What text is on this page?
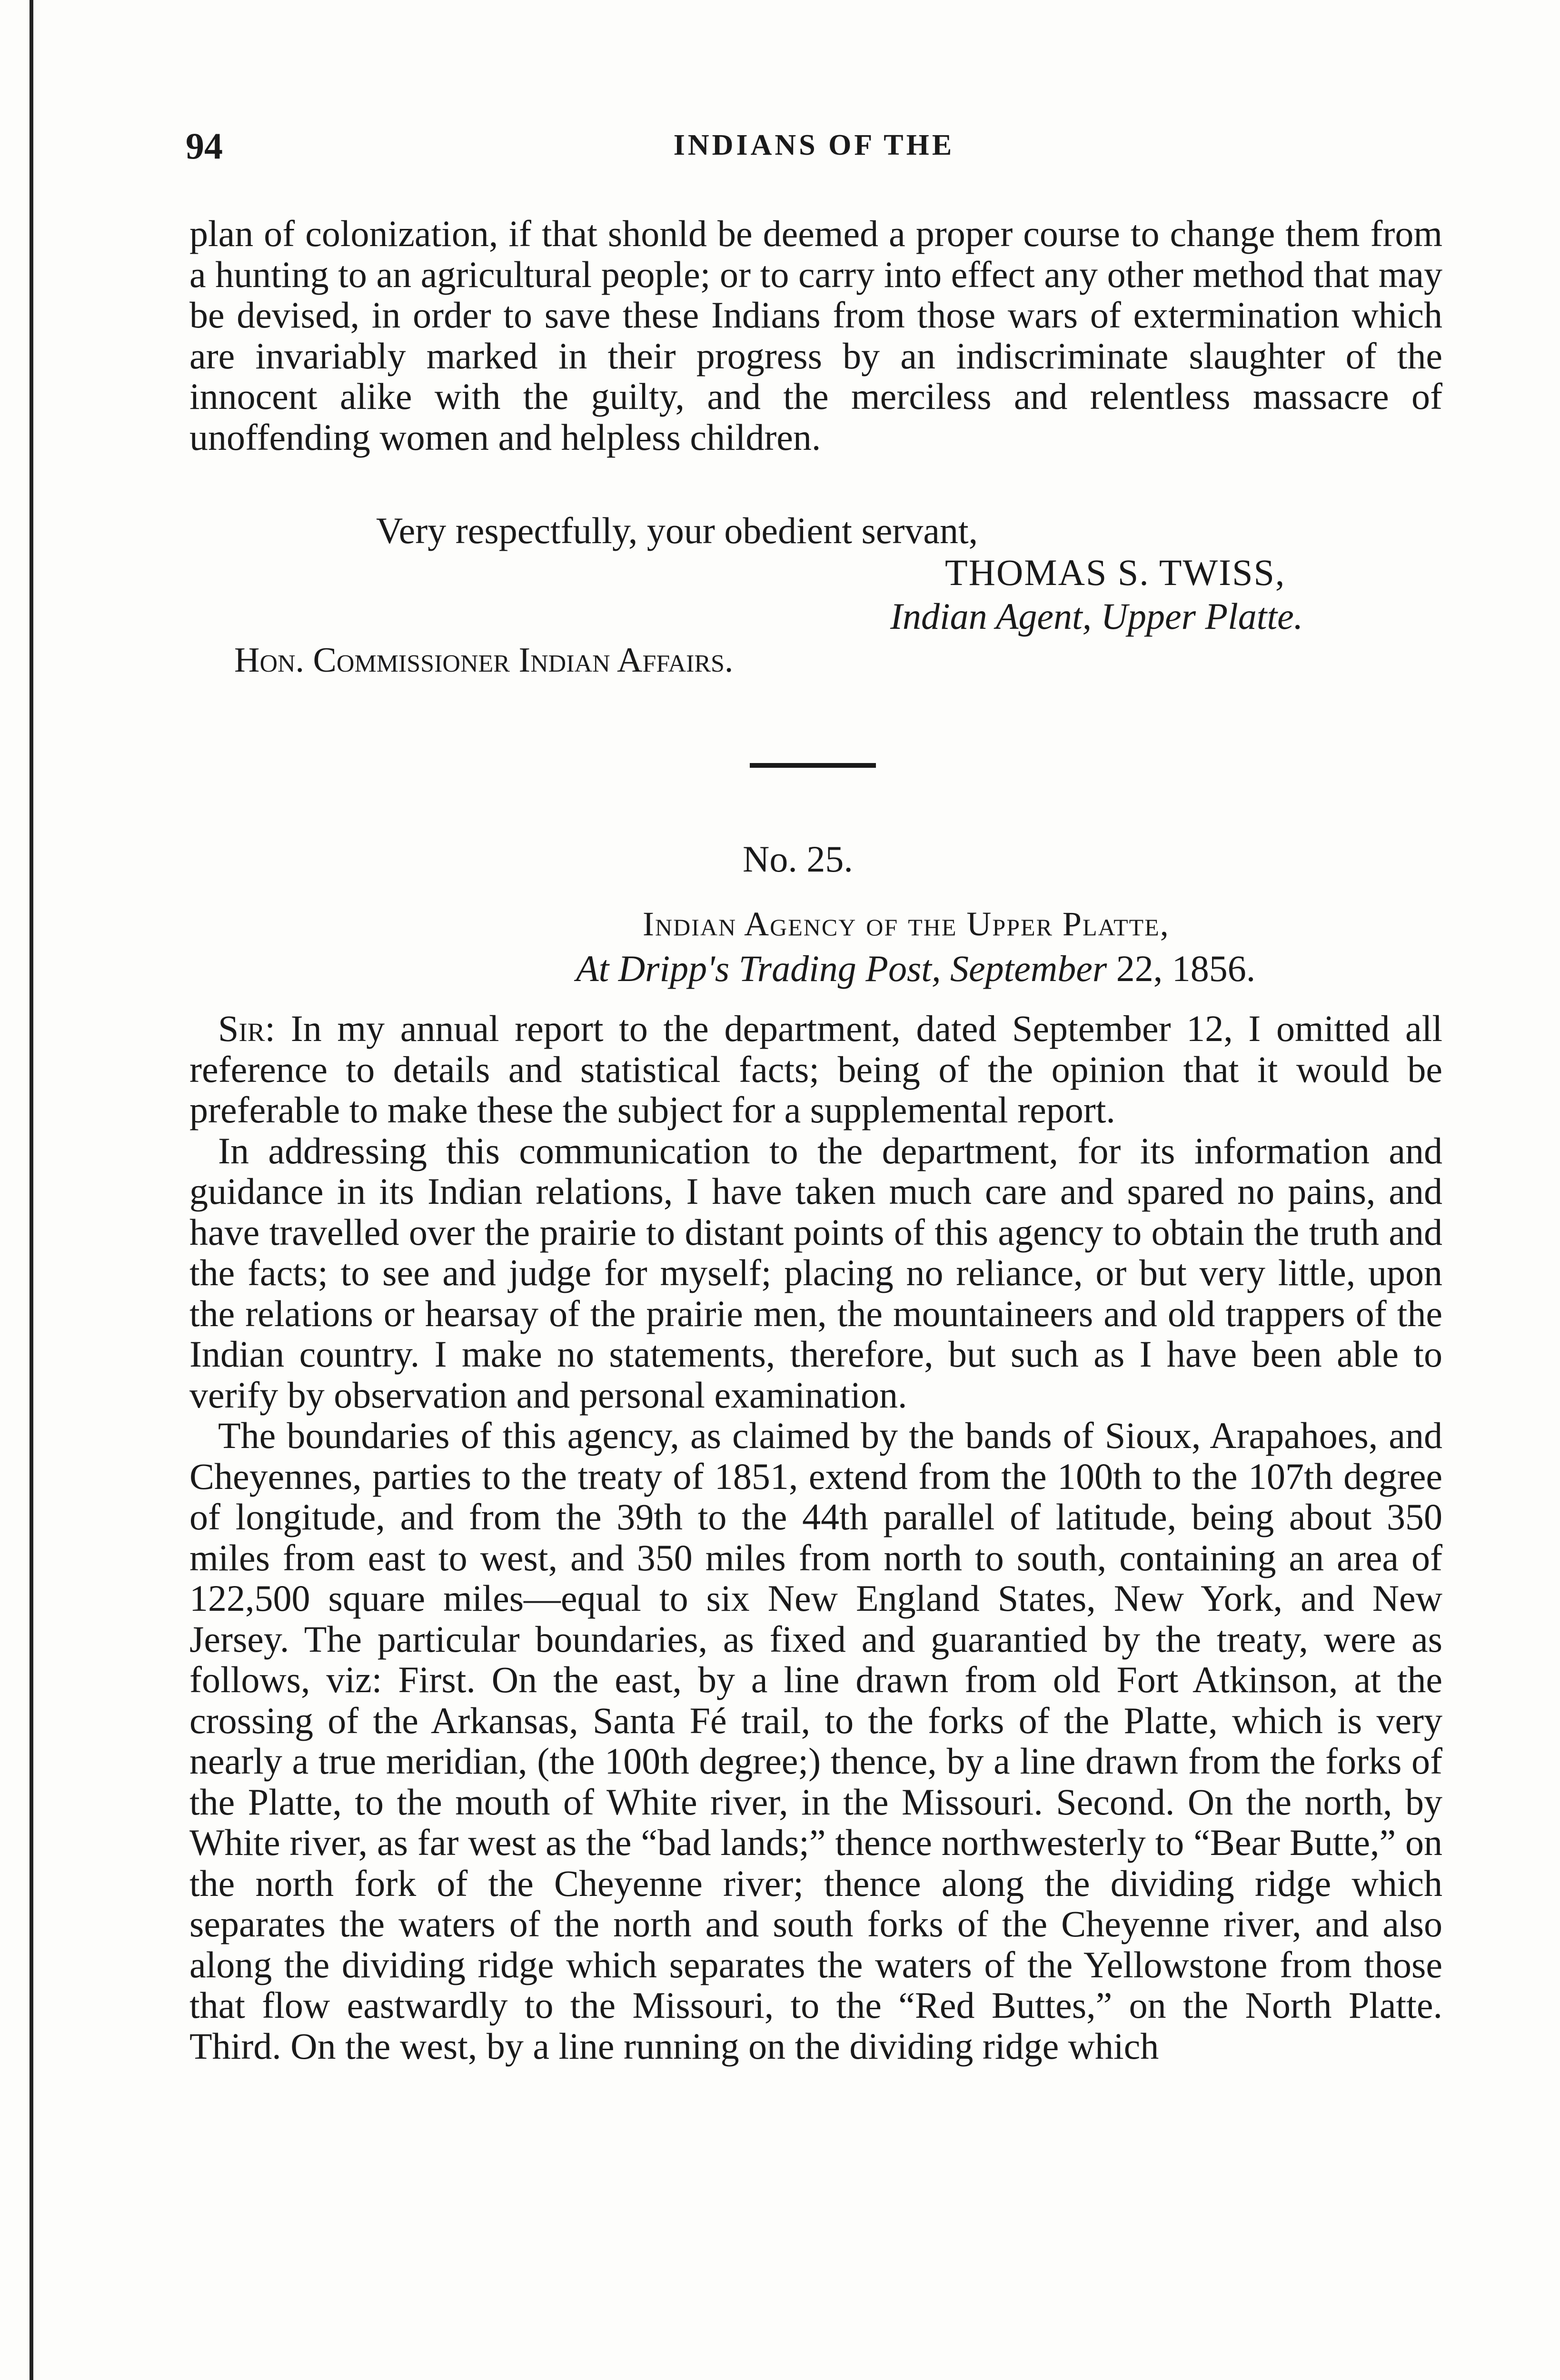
94	INDIANS OF THE

plan of colonization, if that shonld be deemed a proper course to change them from a hunting to an agricultural people; or to carry into effect any other method that may be devised, in order to save these Indians from those wars of extermination which are invariably marked in their progress by an indiscriminate slaughter of the innocent alike with the guilty, and the merciless and relentless massacre of unoffending women and helpless children.

Very respectfully, your obedient servant,
THOMAS S. TWISS,
Indian Agent, Upper Platte.
Hon. Commissioner Indian Affairs.
No. 25.
Indian Agency of the Upper Platte,
At Dripp's Trading Post, September 22, 1856.

Sir: In my annual report to the department, dated September 12, I omitted all reference to details and statistical facts; being of the opinion that it would be preferable to make these the subject for a supplemental report.

In addressing this communication to the department, for its information and guidance in its Indian relations, I have taken much care and spared no pains, and have travelled over the prairie to distant points of this agency to obtain the truth and the facts; to see and judge for myself; placing no reliance, or but very little, upon the relations or hearsay of the prairie men, the mountaineers and old trappers of the Indian country. I make no statements, therefore, but such as I have been able to verify by observation and personal examination.

The boundaries of this agency, as claimed by the bands of Sioux, Arapahoes, and Cheyennes, parties to the treaty of 1851, extend from the 100th to the 107th degree of longitude, and from the 39th to the 44th parallel of latitude, being about 350 miles from east to west, and 350 miles from north to south, containing an area of 122,500 square miles—equal to six New England States, New York, and New Jersey. The particular boundaries, as fixed and guarantied by the treaty, were as follows, viz: First. On the east, by a line drawn from old Fort Atkinson, at the crossing of the Arkansas, Santa Fé trail, to the forks of the Platte, which is very nearly a true meridian, (the 100th degree;) thence, by a line drawn from the forks of the Platte, to the mouth of White river, in the Missouri. Second. On the north, by White river, as far west as the “bad lands;” thence northwesterly to “Bear Butte,” on the north fork of the Cheyenne river; thence along the dividing ridge which separates the waters of the north and south forks of the Cheyenne river, and also along the dividing ridge which separates the waters of the Yellowstone from those that flow eastwardly to the Missouri, to the “Red Buttes,” on the North Platte. Third. On the west, by a line running on the dividing ridge which
